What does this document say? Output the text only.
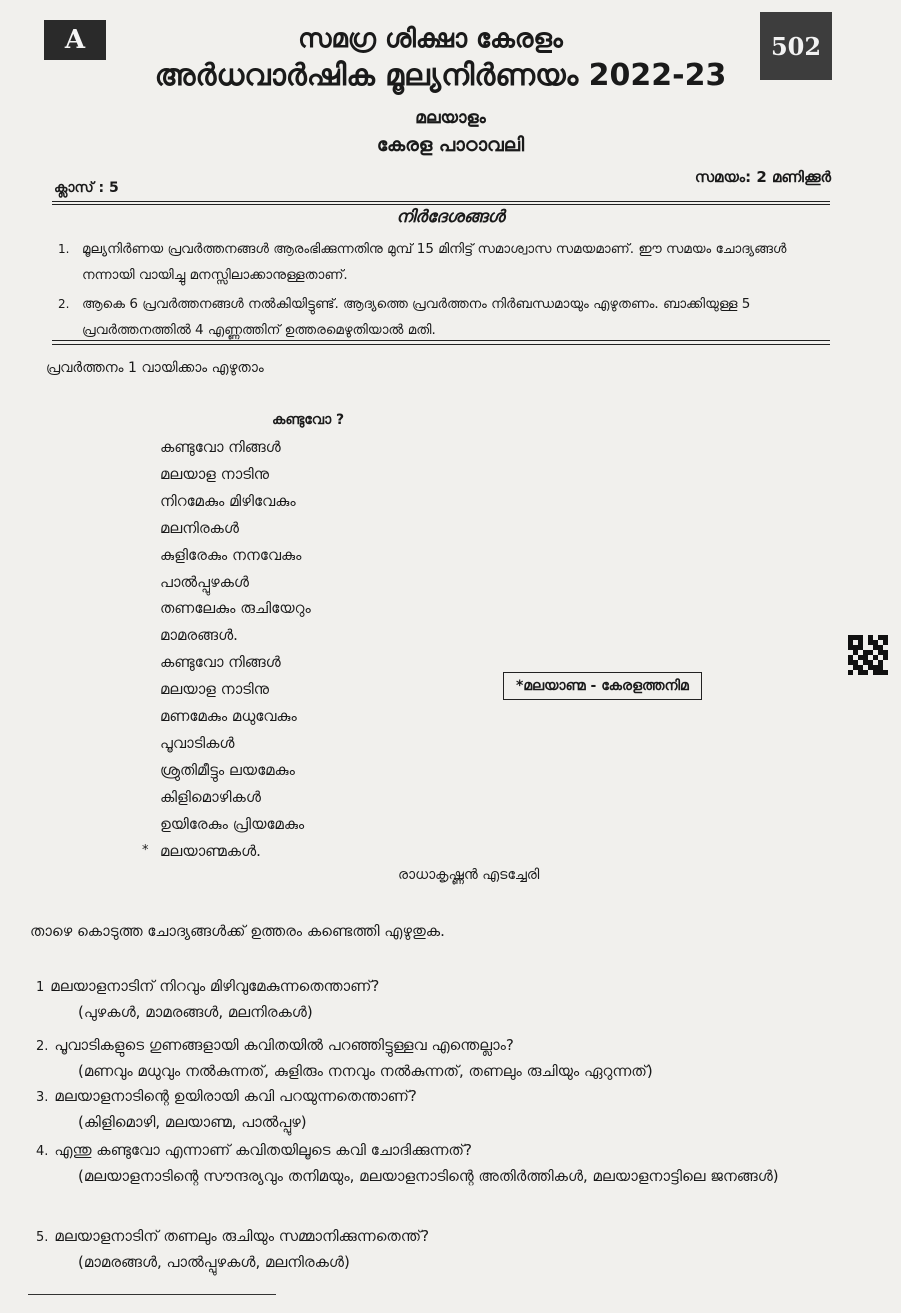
A	502
സമഗ്ര ശിക്ഷാ കേരളം
അർധവാർഷിക മൂല്യനിർണയം 2022-23
മലയാളം
കേരള പാഠാവലി
ക്ലാസ് : 5
സമയം: 2 മണിക്കൂർ
നിർദേശങ്ങൾ
1. മൂല്യനിർണയ പ്രവർത്തനങ്ങൾ ആരംഭിക്കുന്നതിനു മുമ്പ് 15 മിനിട്ട് സമാശ്വാസ സമയമാണ്. ഈ സമയം ചോദ്യങ്ങൾ നന്നായി വായിച്ചു മനസ്സിലാക്കാനുള്ളതാണ്.
2. ആകെ 6 പ്രവർത്തനങ്ങൾ നൽകിയിട്ടുണ്ട്. ആദ്യത്തെ പ്രവർത്തനം നിർബന്ധമായും എഴുതണം. ബാക്കിയുള്ള 5 പ്രവർത്തനത്തിൽ 4 എണ്ണത്തിന് ഉത്തരമെഴുതിയാൽ മതി.
പ്രവർത്തനം 1 വായിക്കാം എഴുതാം
കണ്ടുവോ ?
കണ്ടുവോ നിങ്ങൾ
മലയാള നാടിനു
നിറമേകും മിഴിവേകും
മലനിരകൾ
കുളിരേകും നനവേകും
പാൽപ്പുഴകൾ
തണലേകും രുചിയേറും
മാമരങ്ങൾ.
കണ്ടുവോ നിങ്ങൾ
മലയാള നാടിനു
മണമേകും മധുവേകും
പൂവാടികൾ
ശ്രുതിമീട്ടും ലയമേകും
കിളിമൊഴികൾ
ഉയിരേകും പ്രിയമേകും
* മലയാണ്മകൾ.
*മലയാണ്മ - കേരളത്തനിമ
രാധാകൃഷ്ണൻ എടച്ചേരി
താഴെ കൊടുത്ത ചോദ്യങ്ങൾക്ക് ഉത്തരം കണ്ടെത്തി എഴുതുക.
1 മലയാളനാടിന് നിറവും മിഴിവുമേകുന്നതെന്താണ്?
(പുഴകൾ, മാമരങ്ങൾ, മലനിരകൾ)
2. പൂവാടികളുടെ ഗുണങ്ങളായി കവിതയിൽ പറഞ്ഞിട്ടുള്ളവ എന്തെല്ലാം?
(മണവും മധുവും നൽകുന്നത്, കുളിരും നനവും നൽകുന്നത്, തണലും രുചിയും ഏറുന്നത്)
3. മലയാളനാടിന്റെ ഉയിരായി കവി പറയുന്നതെന്താണ്?
(കിളിമൊഴി, മലയാണ്മ, പാൽപ്പുഴ)
4. എന്തു കണ്ടുവോ എന്നാണ് കവിതയിലൂടെ കവി ചോദിക്കുന്നത്?
(മലയാളനാടിന്റെ സൗന്ദര്യവും തനിമയും, മലയാളനാടിന്റെ അതിർത്തികൾ, മലയാളനാട്ടിലെ ജനങ്ങൾ)
5. മലയാളനാടിന് തണലും രുചിയും സമ്മാനിക്കുന്നതെന്ത്?
(മാമരങ്ങൾ, പാൽപ്പുഴകൾ, മലനിരകൾ)
